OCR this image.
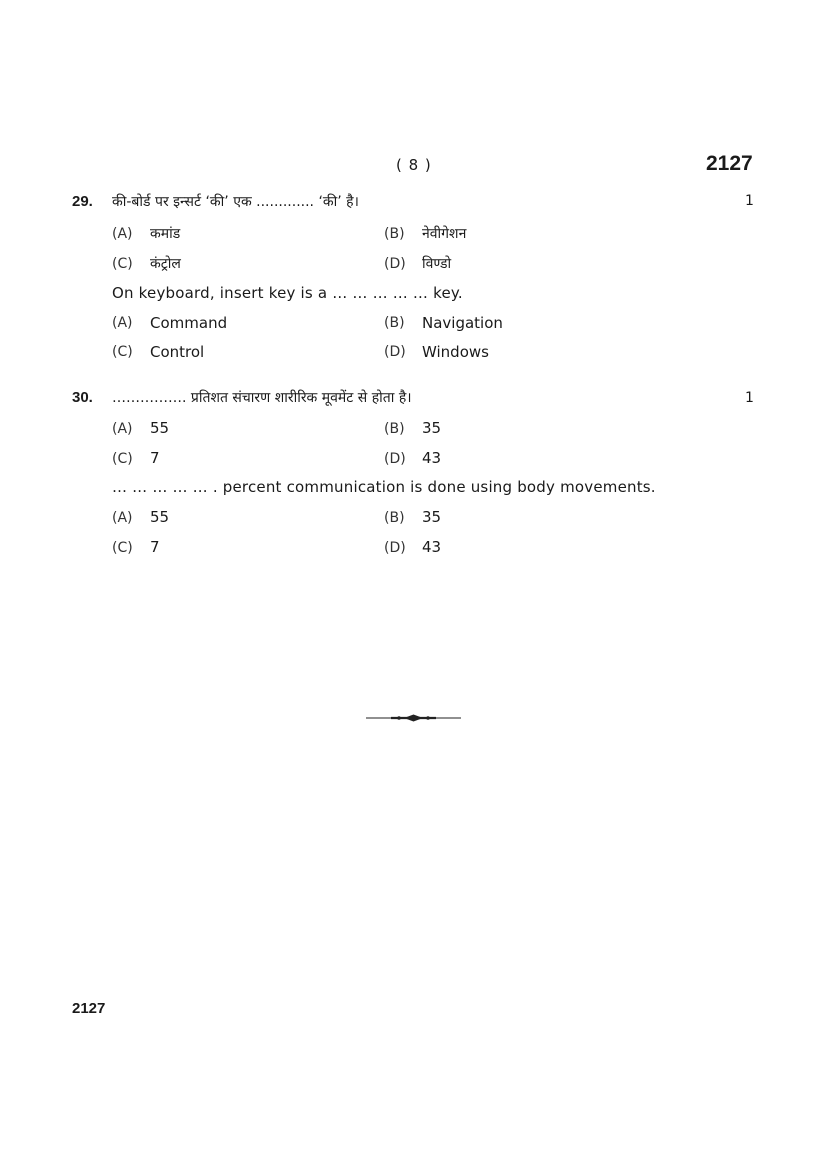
( 8 )	2127
29. की-बोर्ड पर इन्सर्ट ‘की’ एक ............. ‘की’ है।	1
(A) कमांड	(B) नेवीगेशन
(C) कंट्रोल	(D) विण्डो
On keyboard, insert key is a … … … … … key.
(A) Command	(B) Navigation
(C) Control	(D) Windows
30. ……………. प्रतिशत संचारण शारीरिक मूवमेंट से होता है।	1
(A) 55	(B) 35
(C) 7	(D) 43
… … … … … . percent communication is done using body movements.
(A) 55	(B) 35
(C) 7	(D) 43
2127
